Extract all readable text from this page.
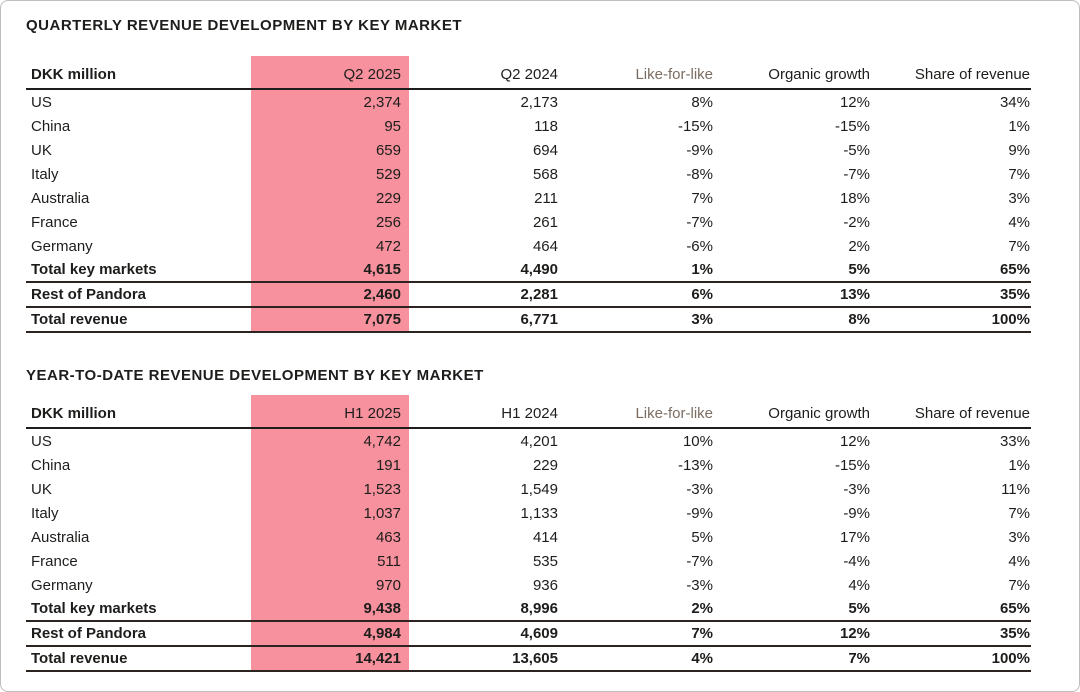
QUARTERLY REVENUE DEVELOPMENT BY KEY MARKET
DKK million	Q2 2025	Q2 2024	Like-for-like	Organic growth	Share of revenue
US	2,374	2,173	8%	12%	34%
China	95	118	-15%	-15%	1%
UK	659	694	-9%	-5%	9%
Italy	529	568	-8%	-7%	7%
Australia	229	211	7%	18%	3%
France	256	261	-7%	-2%	4%
Germany	472	464	-6%	2%	7%
Total key markets	4,615	4,490	1%	5%	65%
Rest of Pandora	2,460	2,281	6%	13%	35%
Total revenue	7,075	6,771	3%	8%	100%
YEAR-TO-DATE REVENUE DEVELOPMENT BY KEY MARKET
DKK million	H1 2025	H1 2024	Like-for-like	Organic growth	Share of revenue
US	4,742	4,201	10%	12%	33%
China	191	229	-13%	-15%	1%
UK	1,523	1,549	-3%	-3%	11%
Italy	1,037	1,133	-9%	-9%	7%
Australia	463	414	5%	17%	3%
France	511	535	-7%	-4%	4%
Germany	970	936	-3%	4%	7%
Total key markets	9,438	8,996	2%	5%	65%
Rest of Pandora	4,984	4,609	7%	12%	35%
Total revenue	14,421	13,605	4%	7%	100%
